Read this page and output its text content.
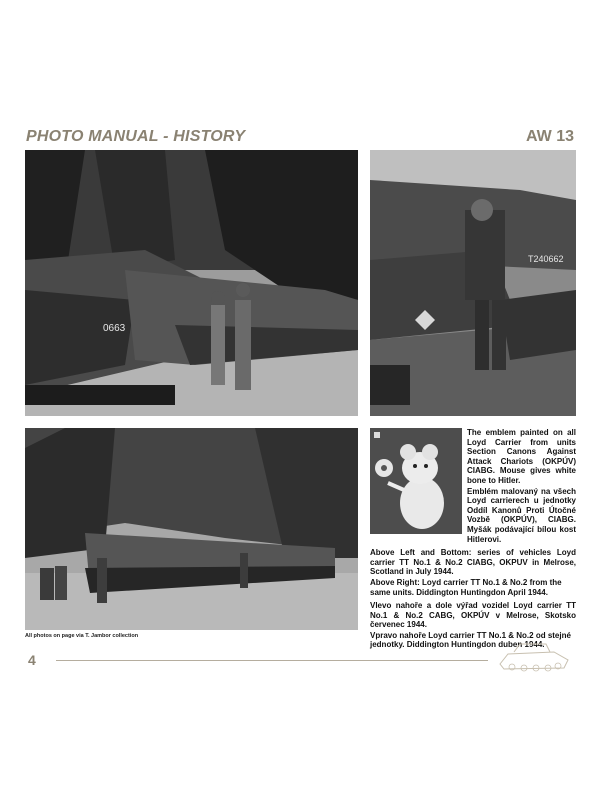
PHOTO MANUAL - HISTORY	AW 13
0663
T240662

The emblem painted on all Loyd Carrier from units Section Canons Against Attack Chariots (OKPÚV) CIABG. Mouse gives white bone to Hitler.

Emblém malovaný na všech Loyd carrierech u jednotky Oddíl Kanonů Proti Útočné Vozbě (OKPÚV), CIABG. Myšák podávající bílou kost Hitlerovi.

Above Left and Bottom: series of vehicles Loyd carrier TT No.1 & No.2 CIABG, OKPUV in Melrose, Scotland in July 1944.

Above Right: Loyd carrier TT No.1 & No.2 from the same units. Diddington Huntingdon April 1944.

Vlevo nahoře a dole výřad vozidel Loyd carrier TT No.1 & No.2 CABG, OKPÚV v Melrose, Skotsko červenec 1944.

Vpravo nahoře Loyd carrier TT No.1 & No.2 od stejné jednotky. Diddington Huntingdon duben 1944.

All photos on page via T. Jambor collection
4
